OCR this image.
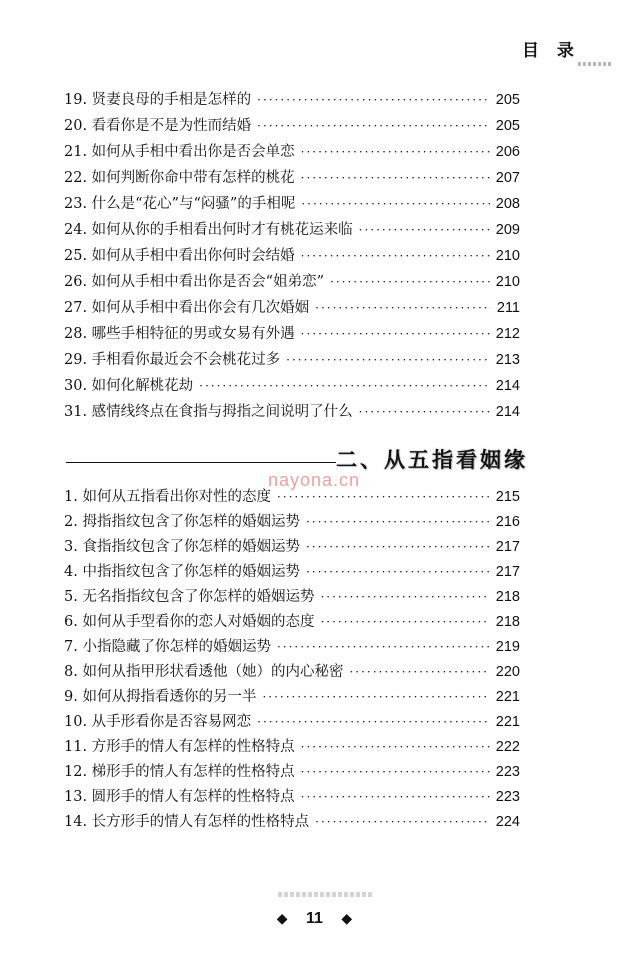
目 录
19. 贤妻良母的手相是怎样的 ·····	205
20. 看看你是不是为性而结婚 ·····	205
21. 如何从手相中看出你是否会单恋 ·····	206
22. 如何判断你命中带有怎样的桃花 ·····	207
23. 什么是“花心”与“闷骚”的手相呢 ·····	208
24. 如何从你的手相看出何时才有桃花运来临 ·····	209
25. 如何从手相中看出你何时会结婚 ·····	210
26. 如何从手相中看出你是否会“姐弟恋” ·····	210
27. 如何从手相中看出你会有几次婚姻 ·····	211
28. 哪些手相特征的男或女易有外遇 ·····	212
29. 手相看你最近会不会桃花过多 ·····	213
30. 如何化解桃花劫 ·····	214
31. 感情线终点在食指与拇指之间说明了什么 ·····	214
二、从五指看姻缘
nayona.cn
1. 如何从五指看出你对性的态度 ·····	215
2. 拇指指纹包含了你怎样的婚姻运势 ·····	216
3. 食指指纹包含了你怎样的婚姻运势 ·····	217
4. 中指指纹包含了你怎样的婚姻运势 ·····	217
5. 无名指指纹包含了你怎样的婚姻运势 ·····	218
6. 如何从手型看你的恋人对婚姻的态度 ·····	218
7. 小指隐藏了你怎样的婚姻运势 ·····	219
8. 如何从指甲形状看透他（她）的内心秘密 ·····	220
9. 如何从拇指看透你的另一半 ·····	221
10. 从手形看你是否容易网恋 ·····	221
11. 方形手的情人有怎样的性格特点 ·····	222
12. 梯形手的情人有怎样的性格特点 ·····	223
13. 圆形手的情人有怎样的性格特点 ·····	223
14. 长方形手的情人有怎样的性格特点 ·····	224
◆ 11 ◆
